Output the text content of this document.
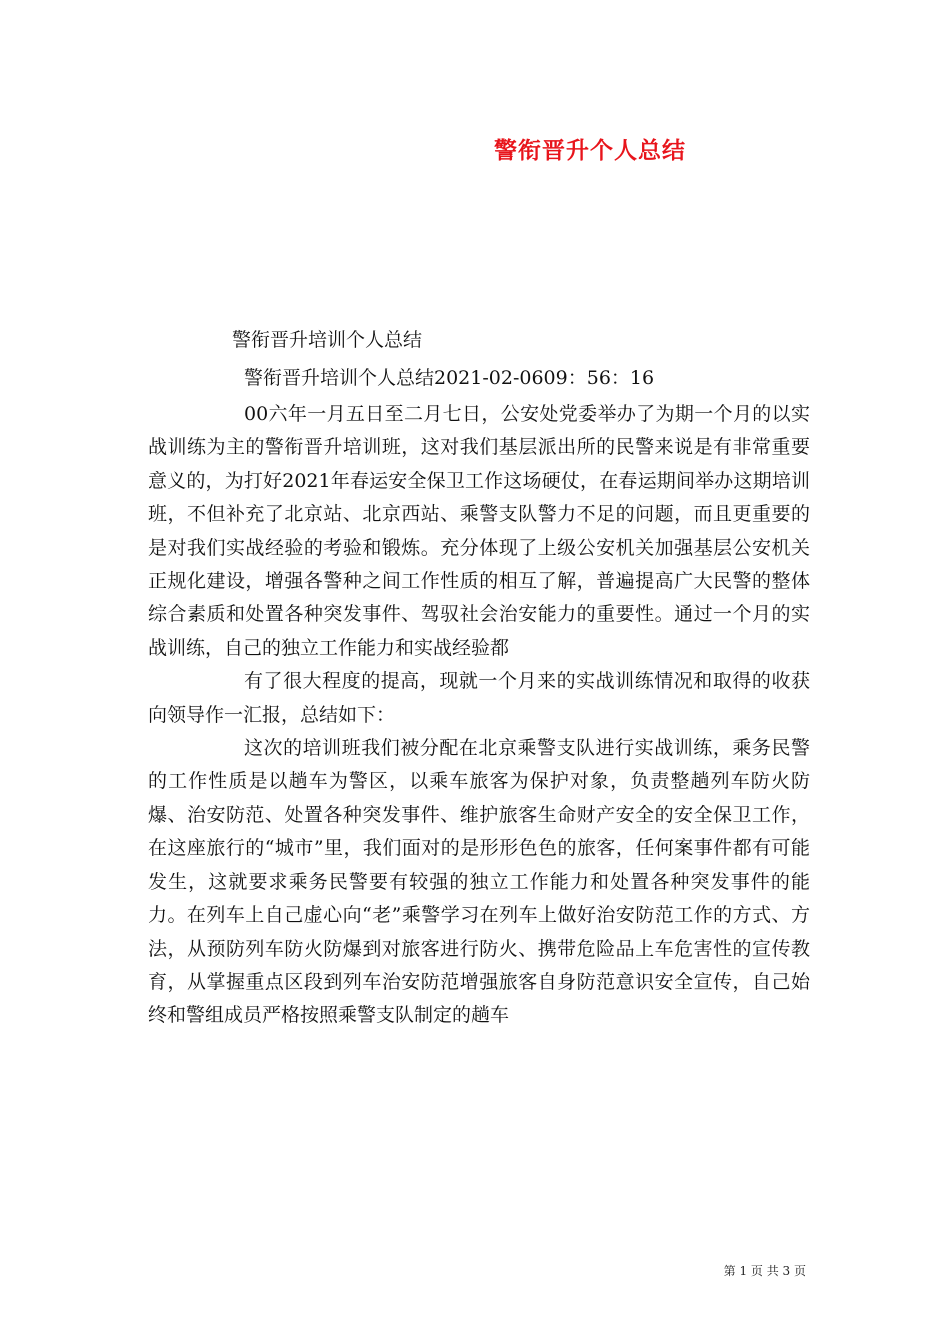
警衔晋升个人总结
警衔晋升培训个人总结
警衔晋升培训个人总结2021-02-0609：56：16

00六年一月五日至二月七日，公安处党委举办了为期一个月的以实战训练为主的警衔晋升培训班，这对我们基层派出所的民警来说是有非常重要意义的，为打好2021年春运安全保卫工作这场硬仗，在春运期间举办这期培训班，不但补充了北京站、北京西站、乘警支队警力不足的问题，而且更重要的是对我们实战经验的考验和锻炼。充分体现了上级公安机关加强基层公安机关正规化建设，增强各警种之间工作性质的相互了解，普遍提高广大民警的整体综合素质和处置各种突发事件、驾驭社会治安能力的重要性。通过一个月的实战训练，自己的独立工作能力和实战经验都

有了很大程度的提高，现就一个月来的实战训练情况和取得的收获向领导作一汇报，总结如下：

这次的培训班我们被分配在北京乘警支队进行实战训练，乘务民警的工作性质是以趟车为警区，以乘车旅客为保护对象，负责整趟列车防火防爆、治安防范、处置各种突发事件、维护旅客生命财产安全的安全保卫工作，在这座旅行的“城市”里，我们面对的是形形色色的旅客，任何案事件都有可能发生，这就要求乘务民警要有较强的独立工作能力和处置各种突发事件的能力。在列车上自己虚心向“老”乘警学习在列车上做好治安防范工作的方式、方法，从预防列车防火防爆到对旅客进行防火、携带危险品上车危害性的宣传教育，从掌握重点区段到列车治安防范增强旅客自身防范意识安全宣传，自己始终和警组成员严格按照乘警支队制定的趟车

第 1 页 共 3 页
